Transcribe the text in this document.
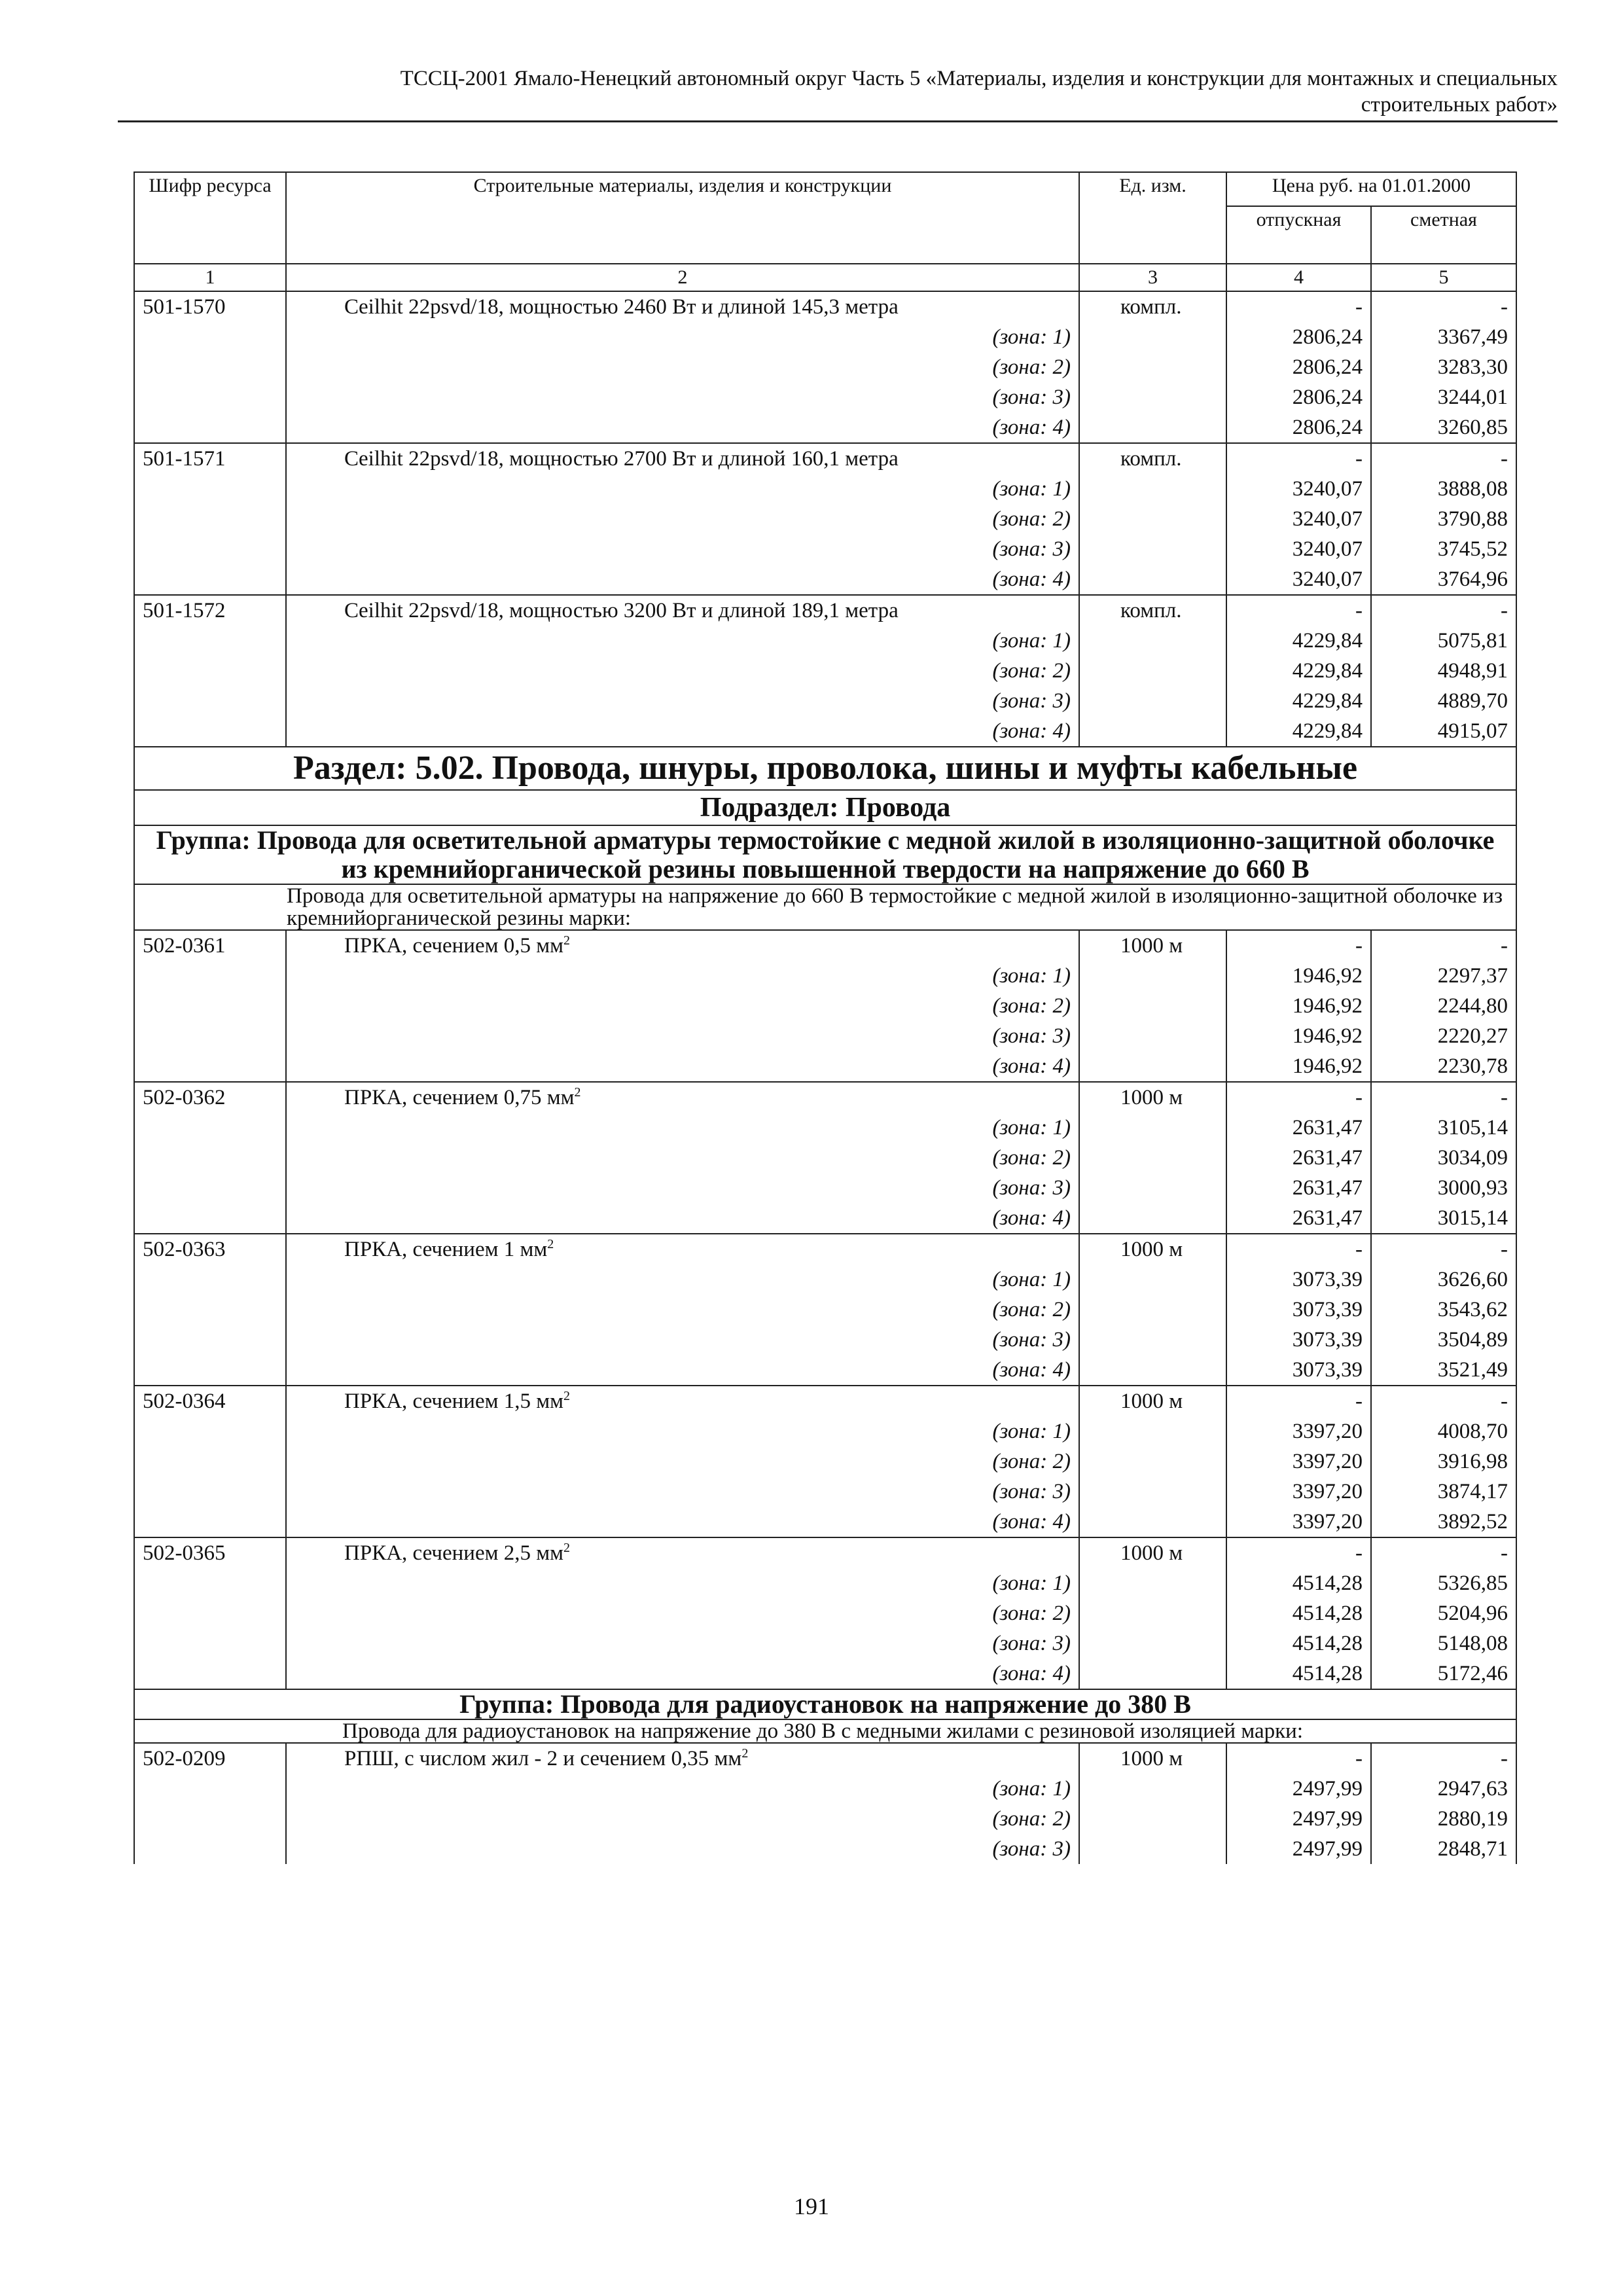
ТССЦ-2001 Ямало-Ненецкий автономный округ Часть 5 «Материалы, изделия и конструкции для монтажных и специальных
строительных работ»
Шифр ресурса	Строительные материалы, изделия и конструкции	Ед. изм.	Цена руб. на 01.01.2000	
			отпускная	сметная
1	2	3	4	5
501-1570	Ceilhit 22psvd/18, мощностью 2460 Вт и длиной 145,3 метра	компл.	-	-
	(зона: 1)		2806,24	3367,49
	(зона: 2)		2806,24	3283,30
	(зона: 3)		2806,24	3244,01
	(зона: 4)		2806,24	3260,85
501-1571	Ceilhit 22psvd/18, мощностью 2700 Вт и длиной 160,1 метра	компл.	-	-
	(зона: 1)		3240,07	3888,08
	(зона: 2)		3240,07	3790,88
	(зона: 3)		3240,07	3745,52
	(зона: 4)		3240,07	3764,96
501-1572	Ceilhit 22psvd/18, мощностью 3200 Вт и длиной 189,1 метра	компл.	-	-
	(зона: 1)		4229,84	5075,81
	(зона: 2)		4229,84	4948,91
	(зона: 3)		4229,84	4889,70
	(зона: 4)		4229,84	4915,07
Раздел: 5.02. Провода, шнуры, проволока, шины и муфты кабельные				
Подраздел: Провода				
Группа: Провода для осветительной арматуры термостойкие с медной жилой в изоляционно-защитной оболочке из кремнийорганической резины повышенной твердости на напряжение до 660 В				
Провода для осветительной арматуры на напряжение до 660 В термостойкие с медной жилой в изоляционно-защитной оболочке из кремнийорганической резины марки:				
502-0361	ПРКА, сечением 0,5 $мм^2$	1000 м	-	-
	(зона: 1)		1946,92	2297,37
	(зона: 2)		1946,92	2244,80
	(зона: 3)		1946,92	2220,27
	(зона: 4)		1946,92	2230,78
502-0362	ПРКА, сечением 0,75 $мм^2$	1000 м	-	-
	(зона: 1)		2631,47	3105,14
	(зона: 2)		2631,47	3034,09
	(зона: 3)		2631,47	3000,93
	(зона: 4)		2631,47	3015,14
502-0363	ПРКА, сечением 1 $мм^2$	1000 м	-	-
	(зона: 1)		3073,39	3626,60
	(зона: 2)		3073,39	3543,62
	(зона: 3)		3073,39	3504,89
	(зона: 4)		3073,39	3521,49
502-0364	ПРКА, сечением 1,5 $мм^2$	1000 м	-	-
	(зона: 1)		3397,20	4008,70
	(зона: 2)		3397,20	3916,98
	(зона: 3)		3397,20	3874,17
	(зона: 4)		3397,20	3892,52
502-0365	ПРКА, сечением 2,5 $мм^2$	1000 м	-	-
	(зона: 1)		4514,28	5326,85
	(зона: 2)		4514,28	5204,96
	(зона: 3)		4514,28	5148,08
	(зона: 4)		4514,28	5172,46
Группа: Провода для радиоустановок на напряжение до 380 В				
Провода для радиоустановок на напряжение до 380 В с медными жилами с резиновой изоляцией марки:				
502-0209	РПШ, с числом жил - 2 и сечением 0,35 $мм^2$	1000 м	-	-
	(зона: 1)		2497,99	2947,63
	(зона: 2)		2497,99	2880,19
	(зона: 3)		2497,99	2848,71
191
